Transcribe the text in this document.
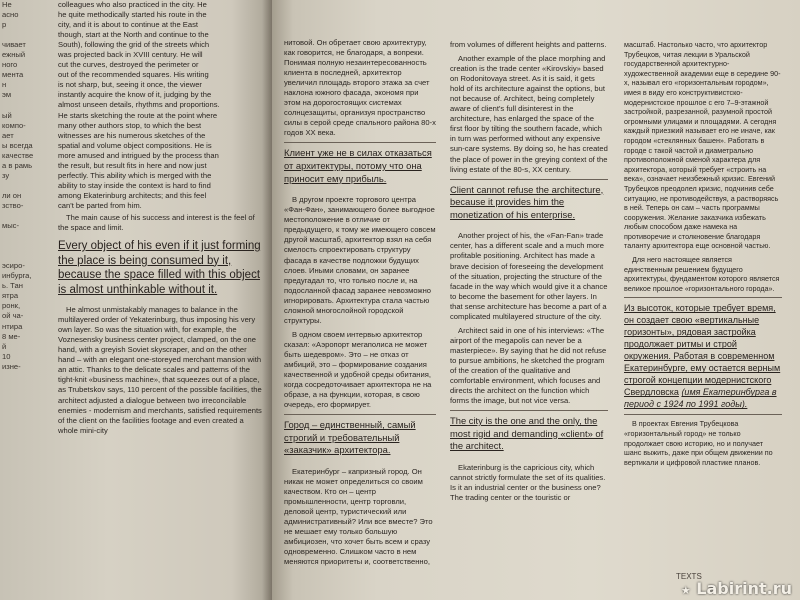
Не
асно
р

чивает
ежный
ного
мента
н
эм

ый
компо-
ает
ы всегда
качестве
а в рамь
зу

ли он
зство-

мыс-

эсиро-
инбурга,
ь. Тан
ятра
ронк,
ой ча-
нтира
8 ме-
й
10
изне-

colleagues who also practiced in the city. He
he quite methodically started his route in the
city, and it is about to continue at the East
though, start at the North and continue to the
South), following the grid of the streets which
was projected back in XVIII century. He will
cut the curves, destroyed the perimeter or
out of the recommended squares. His writing
is not sharp, but, seeing it once, the viewer
instantly acquire the know of it, judging by the
almost unseen details, rhythms and proportions.
He starts sketching the route at the point where
many other authors stop, to which the best
witnesses are his numerous sketches of the
spatial and volume object compositions. He is
more amused and intrigued by the process than
the result, but result fits in here and now just
perfectly. This ability which is merged with the
ability to stay inside the context is hard to find
among Ekaterinburg architects; and this feel
can't be parted from him.

The main cause of his success and interest is the feel of the space and limit.

Every object of his even if it just forming the place is being consumed by it, because the space filled with this object is almost unthinkable without it.

He almost unmistakably manages to balance in the multilayered order of Yekaterinburg, thus imposing his very own layer. So was the situation with, for example, the Voznesensky business center project, clamped, on the one hand, with a greyish Soviet skyscraper, and on the other hand – with an elegant one-storeyed merchant mansion with an attic. Thanks to the delicate scales and patterns of the tight-knit «business machine», that squeezes out of a place, as Trubetskov says, 110 percent of the possible facilities, the architect adjusted a dialogue between two irreconcilable enemies - modernism and merchants, satisfied requirements of the client on the facilities footage and even created a whole mini-city

нитовой. Он обретает свою архитектуру, как говорится, не благодаря, а вопреки. Понимая полную незаинтересованность клиента в последней, архитектор увеличил площадь второго этажа за счет наклона южного фасада, экономя при этом на дорогостоящих системах солнцезащиты, организуя пространство силы в серой среде спального района 80-х годов XX века.

Клиент уже не в силах отказаться от архитектуры, потому что она приносит ему прибыль.

В другом проекте торгового центра «Фан-Фан», занимающего более выгодное местоположение в отличие от предыдущего, к тому же имеющего совсем другой масштаб, архитектор взял на себя смелость спроектировать структуру фасада в качестве подложки будущих слоев. Иными словами, он заранее предугадал то, что только после и, на подосланной фасад заранее невозможно игнорировать. Архитектура стала частью сложной многослойной городской структуры.

В одном своем интервью архитектор сказал: «Аэропорт мегаполиса не может быть шедевром». Это – не отказ от амбиций, это – формирование создания качественной и удобной среды обитания, когда сосредоточивает архитектора не на образе, а на функции, которая, в свою очередь, его формирует.

Город – единственный, самый строгий и требовательный «заказчик» архитектора.

Екатеринбург – капризный город. Он никак не может определиться со своим качеством. Кто он – центр промышленности, центр торговли, деловой центр, туристический или административный? Или все вместе? Это не мешает ему только большую амбициозен, что хочет быть всем и сразу одновременно. Слишком часто в нем меняются приоритеты и, соответственно,

from volumes of different heights and patterns.

Another example of the place morphing and creation is the trade center «Kirovskiy» based on Rodonitovaya street. As it is said, it gets hold of its architecture against the options, but not because of. Architect, being completely aware of client's full disinterest in the architecture, has enlarged the space of the first floor by tilting the southern facade, which in turn was performed without any expensive sun-care systems. By doing so, he has created the place of power in the greying context of the living estate of the 80-s, XX century.

Client cannot refuse the architecture, because it provides him the monetization of his enterprise.

Another project of his, the «Fan-Fan» trade center, has a different scale and a much more profitable positioning. Architect has made a brave decision of foreseeing the development of the situation, projecting the structure of the facade in the way which would give it a chance to become the basement for other layers. In that sense architecture has become a part of a complicated multilayered structure of the city.

Architect said in one of his interviews: «The airport of the megapolis can never be a masterpiece». By saying that he did not refuse to pursue ambitions, he sketched the program of the creation of the qualitative and comfortable environment, which focuses and directs the architect on the function which forms the image, but not vice versa.

The city is the one and the only, the most rigid and demanding «client» of the architect.

Ekaterinburg is the capricious city, which cannot strictly formulate the set of its qualities. Is it an industrial center or the business one? The trading center or the touristic or

масштаб. Настолько часто, что архитектор Трубецков, читая лекции в Уральской государственной архитектурно-художественной академии еще в середине 90-х, называл его «горизонтальным городом», имея в виду его конструктивистско-модернистское прошлое с его 7–9-этажной застройкой, разрезанной, разумной простой огромными улицами и площадями. А сегодня каждый приезжий называет его не иначе, как городом «стеклянных башен». Работать в городе с такой частой и диаметрально противоположной сменой характера для архитектора, который требует «строить на века», означает неизбежный кризис. Евгений Трубецков преодолел кризис, подчинив себе ситуацию, не противодействуя, а растворяясь в ней. Теперь он сам – часть программы сооружения. Желание заказчика избежать любым способом даже намека на противоречие и столкновение благодаря таланту архитектора еще основной частью.

Для него настоящее является единственным решением будущего архитектуры, фундаментом которого является великое прошлое «горизонтального города».

Из высоток, которые требует время, он создает свою «вертикальные горизонты», рядовая застройка продолжает ритмы и строй окружения. Работая в современном Екатеринбурге, ему остается верным строгой концепции модернистского Свердловска (имя Екатеринбурга в период с 1924 по 1991 годы).

В проектах Евгения Трубецкова «горизонтальный город» не только продолжает свою историю, но и получает шанс выжить, даже при общем движении по вертикали и цифровой пластике планов.

TEXTS
★ Labirint.ru
